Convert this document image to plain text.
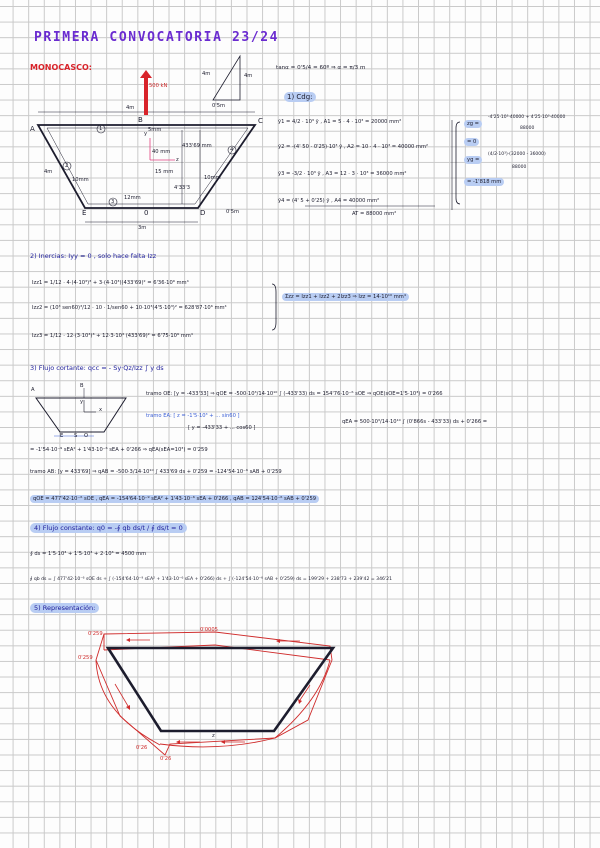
PRIMERA CONVOCATORIA 23/24
MONOCASCO:
500 kN
4m
4m
3m
0'5m
5mm
10mm
12mm
10mm
433'69 mm
4'33'3
4m	4m
0'5m
15 mm
40 mm
A
B	C
D
E	0
1
2
3
4
y
z
tanα = 0'5/4 = 60º ⇒ α = π/3 m
1) Cdg:
ȳ1 = 4/2 · 10³ ȳ , A1 = 5 · 4 · 10³ = 20000 mm²
ȳ2 = -(4' 50 · 0'25)·10³ ȳ , A2 = 10 · 4 · 10³ = 40000 mm²
ȳ3 = -3/2 · 10³ ȳ , A3 = 12 · 3 · 10³ = 36000 mm²
ȳ4 = (4' 5 + 0'25) ȳ , A4 = 40000 mm²
AT = 88000 mm²
zg =
-4'25·10³·40000 + 4'25·10³·40000
88000
= 0
yg =
(4/2·10³)·(32000 - 36000)
88000
= -1'818 mm
2) Inercias: Iyy = 0 , solo hace falta Izz
Izz1 = 1/12 · 4·(4·10³)³ + 3·(4·10³)(433'69)² = 6'36·10⁹ mm⁴
Izz2 = (10³ sen60)³/12 · 10 · 1/sen60 + 10·10³(4'5·10³)² = 628'87·10⁶ mm⁴
Izz3 = 1/12 · 12·(3·10³)³ + 12·3·10³ (433'69)² = 6'75·10⁹ mm⁴
Σzz = Izz1 + Izz2 + 2Izz3 ⇒ Izz = 14·10¹⁰ mm⁴
3) Flujo cortante: qcc = - Sy·Qz/Izz ∫ y ds
A
B
y
x
E S O
tramo OE: [y = -433'33] ⇒ qOE = -500·10³/14·10¹⁰ ∫ (-433'33) ds = 154'76·10⁻⁶ sOE ⇒ qOE(sOE=1'5·10³) = 0'266
tramo EA: [ z = -1'5·10³ + ... sin60 ]
[ y = -433'33 + ... cos60 ]
qEA = 500·10³/14·10¹⁰ ∫ (0'866s - 433'33) ds + 0'266 =
= -1'54·10⁻⁹ sEA² + 1'43·10⁻⁶ sEA + 0'266 ⇒ qEA(sEA=10³) = 0'259
tramo AB: [y = 433'69] ⇒ qAB = -500·3/14·10¹⁰ ∫ 433'69 ds + 0'259 = -124'54·10⁻⁶ sAB + 0'259
qOE = 477'42·10⁻⁶ sOE , qEA = -154'64·10⁻⁹ sEA² + 1'43·10⁻⁶ sEA + 0'266 , qAB = 124'54·10⁻⁶ sAB + 0'259
4) Flujo constante: q0 = -∮ qb ds/t / ∮ ds/t = 0
∮ ds = 1'5·10³ + 1'5·10³ + 2·10³ = 4500 mm
∮ qb ds = ∫ 477'42·10⁻⁶ sOE ds + ∫ (-154'64·10⁻⁹ sEA² + 1'43·10⁻⁶ sEA + 0'266) ds + ∫ (-124'54·10⁻⁶ sAB + 0'259) ds = 199'29 + 238'73 + 239'42 = 346'21
5) Representación:
0'259
0'259
0'0005
0'26
0'26
z
